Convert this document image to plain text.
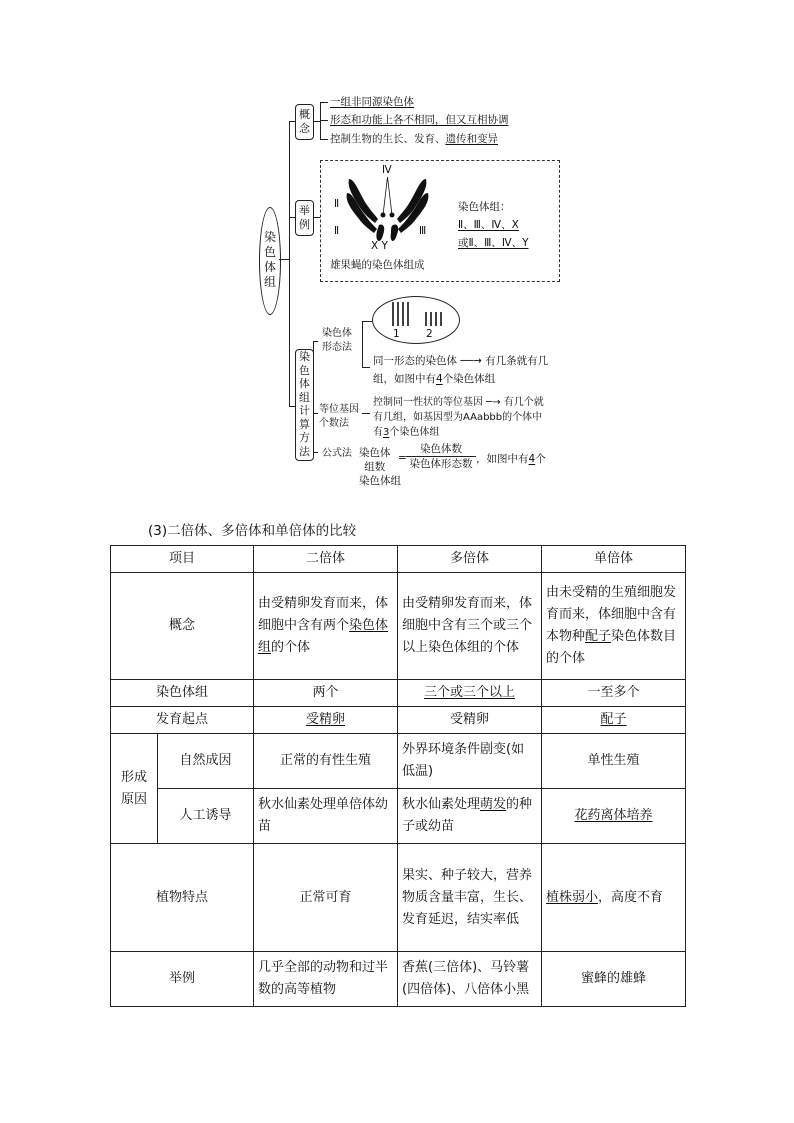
染色体组
概念
一组非同源染色体
形态和功能上各不相同，但又互相协调
控制生物的生长、发育、遗传和变异
举例
Ⅳ
Ⅱ
Ⅱ
Ⅲ
Ⅲ
X Y
雄果蝇的染色体组成
染色体组：
Ⅱ、Ⅲ、Ⅳ、X
或Ⅱ、Ⅲ、Ⅳ、Y
染色体组计算方法
染色体
形态法
1	2
同一形态的染色体 ──→ 有几条就有几
组，如图中有4个染色体组
等位基因
个数法
控制同一性状的等位基因 ─→ 有几个就
有几组，如基因型为AAabbb的个体中
有3个染色体组
公式法 染色体
组数
=
染色体数
染色体形态数 ，如图中有4个
染色体组
(3)二倍体、多倍体和单倍体的比较
项目		二倍体	多倍体	单倍体
概念		由受精卵发育而来，体细胞中含有两个染色体组的个体	由受精卵发育而来，体细胞中含有三个或三个以上染色体组的个体	由未受精的生殖细胞发育而来，体细胞中含有本物种配子染色体数目的个体
染色体组		两个	三个或三个以上	一至多个
发育起点		受精卵	受精卵	配子
形成原因	自然成因	正常的有性生殖	外界环境条件剧变(如低温)	单性生殖
	人工诱导	秋水仙素处理单倍体幼苗	秋水仙素处理萌发的种子或幼苗	花药离体培养
植物特点		正常可育	果实、种子较大，营养物质含量丰富，生长、发育延迟，结实率低	植株弱小，高度不育
举例		几乎全部的动物和过半数的高等植物	香蕉(三倍体)、马铃薯(四倍体)、八倍体小黑	蜜蜂的雄蜂
